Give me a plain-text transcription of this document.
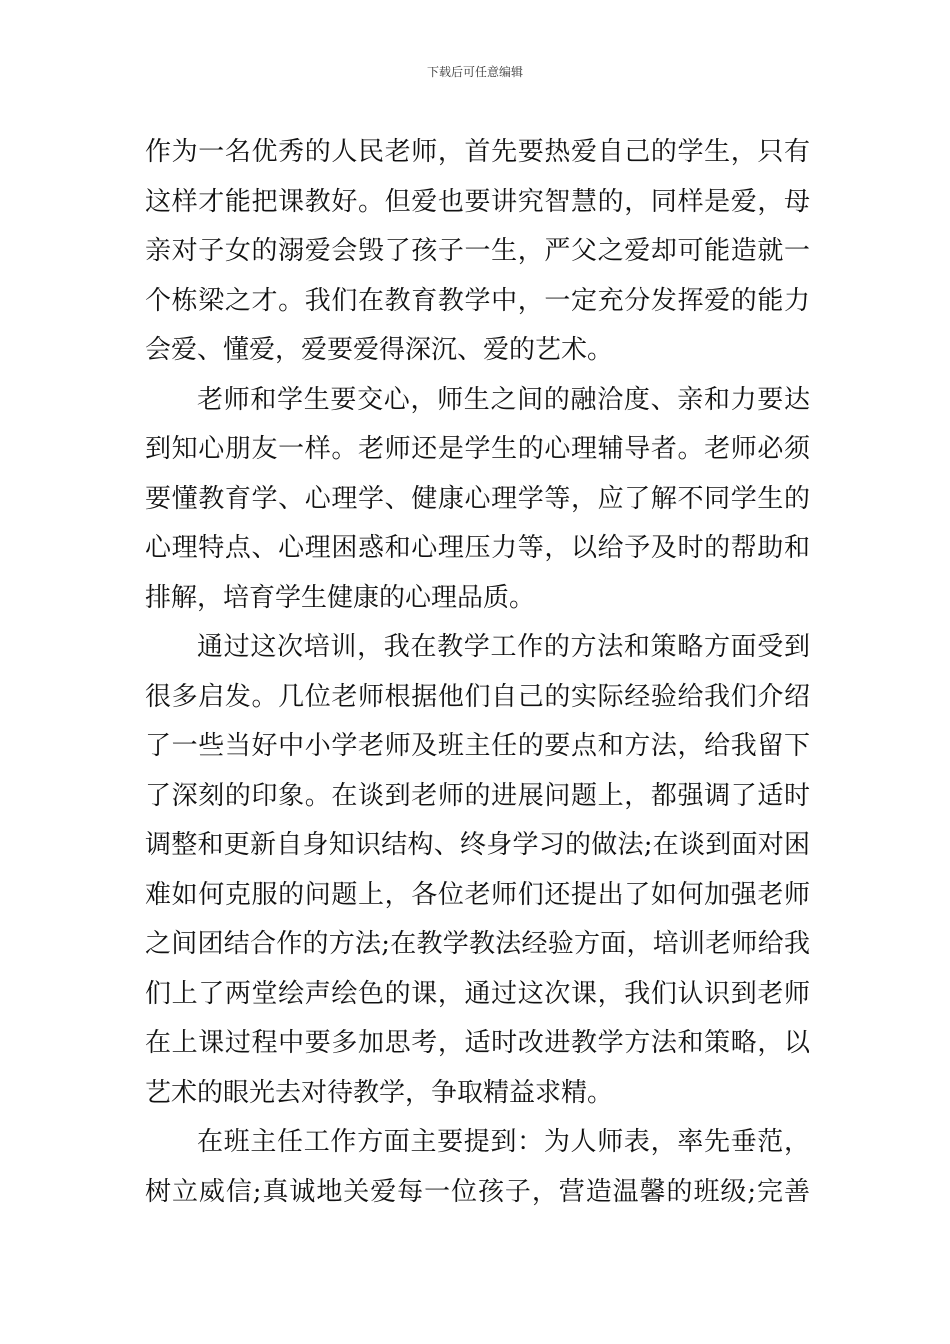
下载后可任意编辑
作为一名优秀的人民老师，首先要热爱自己的学生，只有
这样才能把课教好。但爱也要讲究智慧的，同样是爱，母
亲对子女的溺爱会毁了孩子一生，严父之爱却可能造就一
个栋梁之才。我们在教育教学中，一定充分发挥爱的能力
会爱、懂爱，爱要爱得深沉、爱的艺术。
老师和学生要交心，师生之间的融洽度、亲和力要达
到知心朋友一样。老师还是学生的心理辅导者。老师必须
要懂教育学、心理学、健康心理学等，应了解不同学生的
心理特点、心理困惑和心理压力等，以给予及时的帮助和
排解，培育学生健康的心理品质。
通过这次培训，我在教学工作的方法和策略方面受到
很多启发。几位老师根据他们自己的实际经验给我们介绍
了一些当好中小学老师及班主任的要点和方法，给我留下
了深刻的印象。在谈到老师的进展问题上，都强调了适时
调整和更新自身知识结构、终身学习的做法;在谈到面对困
难如何克服的问题上，各位老师们还提出了如何加强老师
之间团结合作的方法;在教学教法经验方面，培训老师给我
们上了两堂绘声绘色的课，通过这次课，我们认识到老师
在上课过程中要多加思考，适时改进教学方法和策略，以
艺术的眼光去对待教学，争取精益求精。
在班主任工作方面主要提到：为人师表，率先垂范，
树立威信;真诚地关爱每一位孩子，营造温馨的班级;完善
